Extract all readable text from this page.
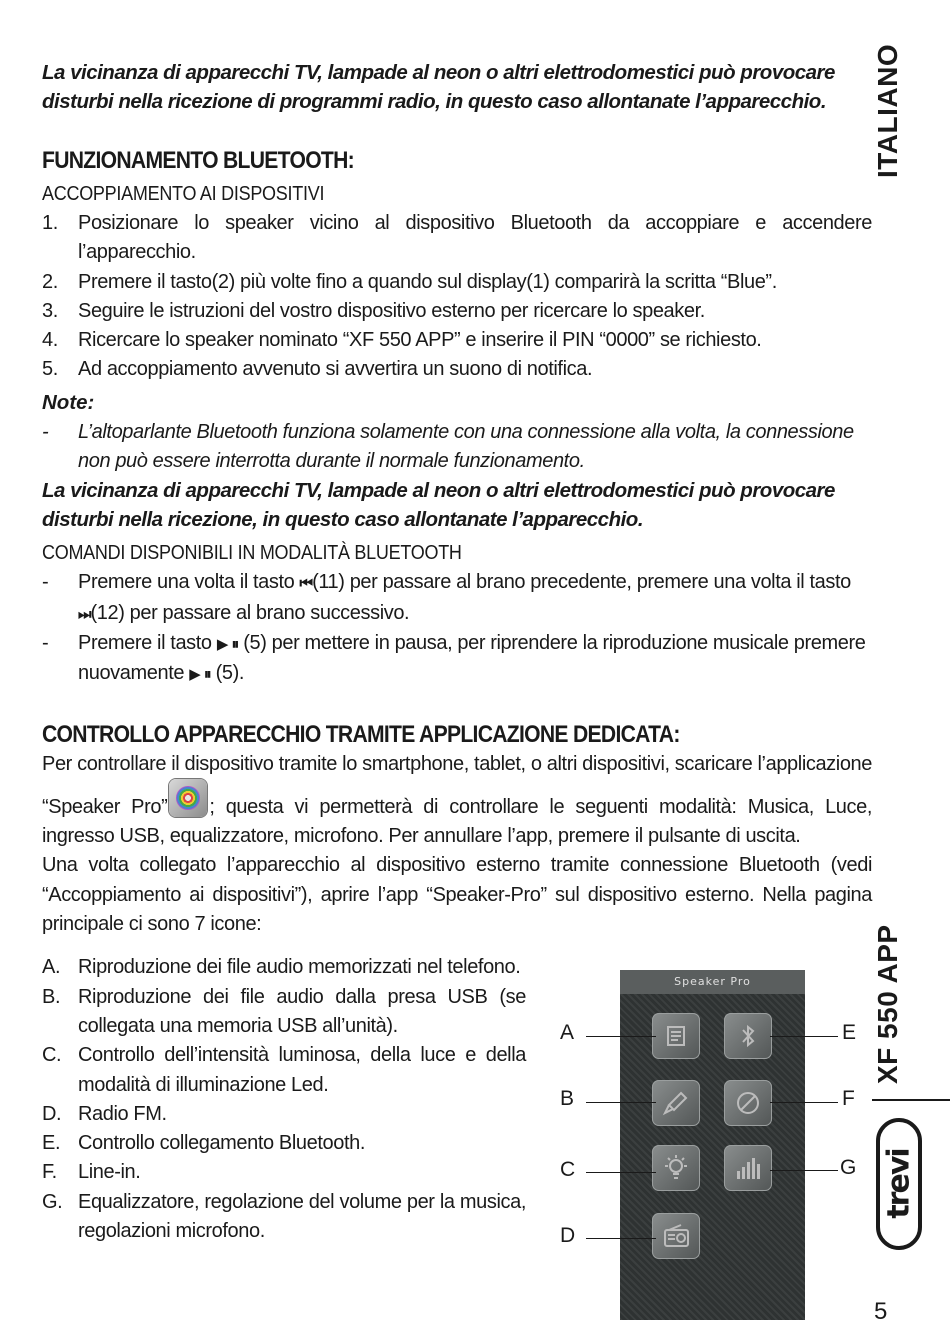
La vicinanza di apparecchi TV, lampade al neon o altri elettrodomestici può provocare disturbi nella ricezione di programmi radio, in questo caso allontanate l’apparecchio.

FUNZIONAMENTO BLUETOOTH:
ACCOPPIAMENTO AI DISPOSITIVI
1. Posizionare lo speaker vicino al dispositivo Bluetooth da accoppiare e accendere l’apparecchio.
2. Premere il tasto(2) più volte fino a quando sul display(1) comparirà la scritta “Blue”.
3. Seguire le istruzioni del vostro dispositivo esterno per ricercare lo speaker.
4. Ricercare lo speaker nominato “XF 550 APP” e inserire il PIN “0000” se richiesto.
5. Ad accoppiamento avvenuto si avvertira un suono di notifica.

Note:

- L’altoparlante Bluetooth funziona solamente con una connessione alla volta, la connessione non può essere interrotta durante il normale funzionamento.

La vicinanza di apparecchi TV, lampade al neon o altri elettrodomestici può provocare disturbi nella ricezione, in questo caso allontanate l’apparecchio.

COMANDI DISPONIBILI IN MODALITÀ BLUETOOTH
- Premere una volta il tasto ⏮(11) per passare al brano precedente, premere una volta il tasto ⏭(12) per passare al brano successivo.
- Premere il tasto ▶ ⏸ (5) per mettere in pausa, per riprendere la riproduzione musicale premere nuovamente ▶ ⏸ (5).
CONTROLLO APPARECCHIO TRAMITE APPLICAZIONE DEDICATA:

Per controllare il dispositivo tramite lo smartphone, tablet, o altri dispositivi, scaricare l’applicazione “Speaker Pro” ; questa vi permetterà di controllare le seguenti modalità: Musica, Luce, ingresso USB, equalizzatore, microfono. Per annullare l’app, premere il pulsante di uscita.

Una volta collegato l’apparecchio al dispositivo esterno tramite connessione Bluetooth (vedi “Accoppiamento ai dispositivi”), aprire l’app “Speaker-Pro” sul dispositivo esterno. Nella pagina principale ci sono 7 icone:

A. Riproduzione dei file audio memorizzati nel telefono.
B. Riproduzione dei file audio dalla presa USB (se collegata una memoria USB all’unità).
C. Controllo dell’intensità luminosa, della luce e della modalità di illuminazione Led.
D. Radio FM.
E. Controllo collegamento Bluetooth.
F. Line-in.
G. Equalizzatore, regolazione del volume per la musica, regolazioni microfono.
Speaker Pro
A
B
C
D
E
F
G
ITALIANO
XF 550 APP
trevi
5
